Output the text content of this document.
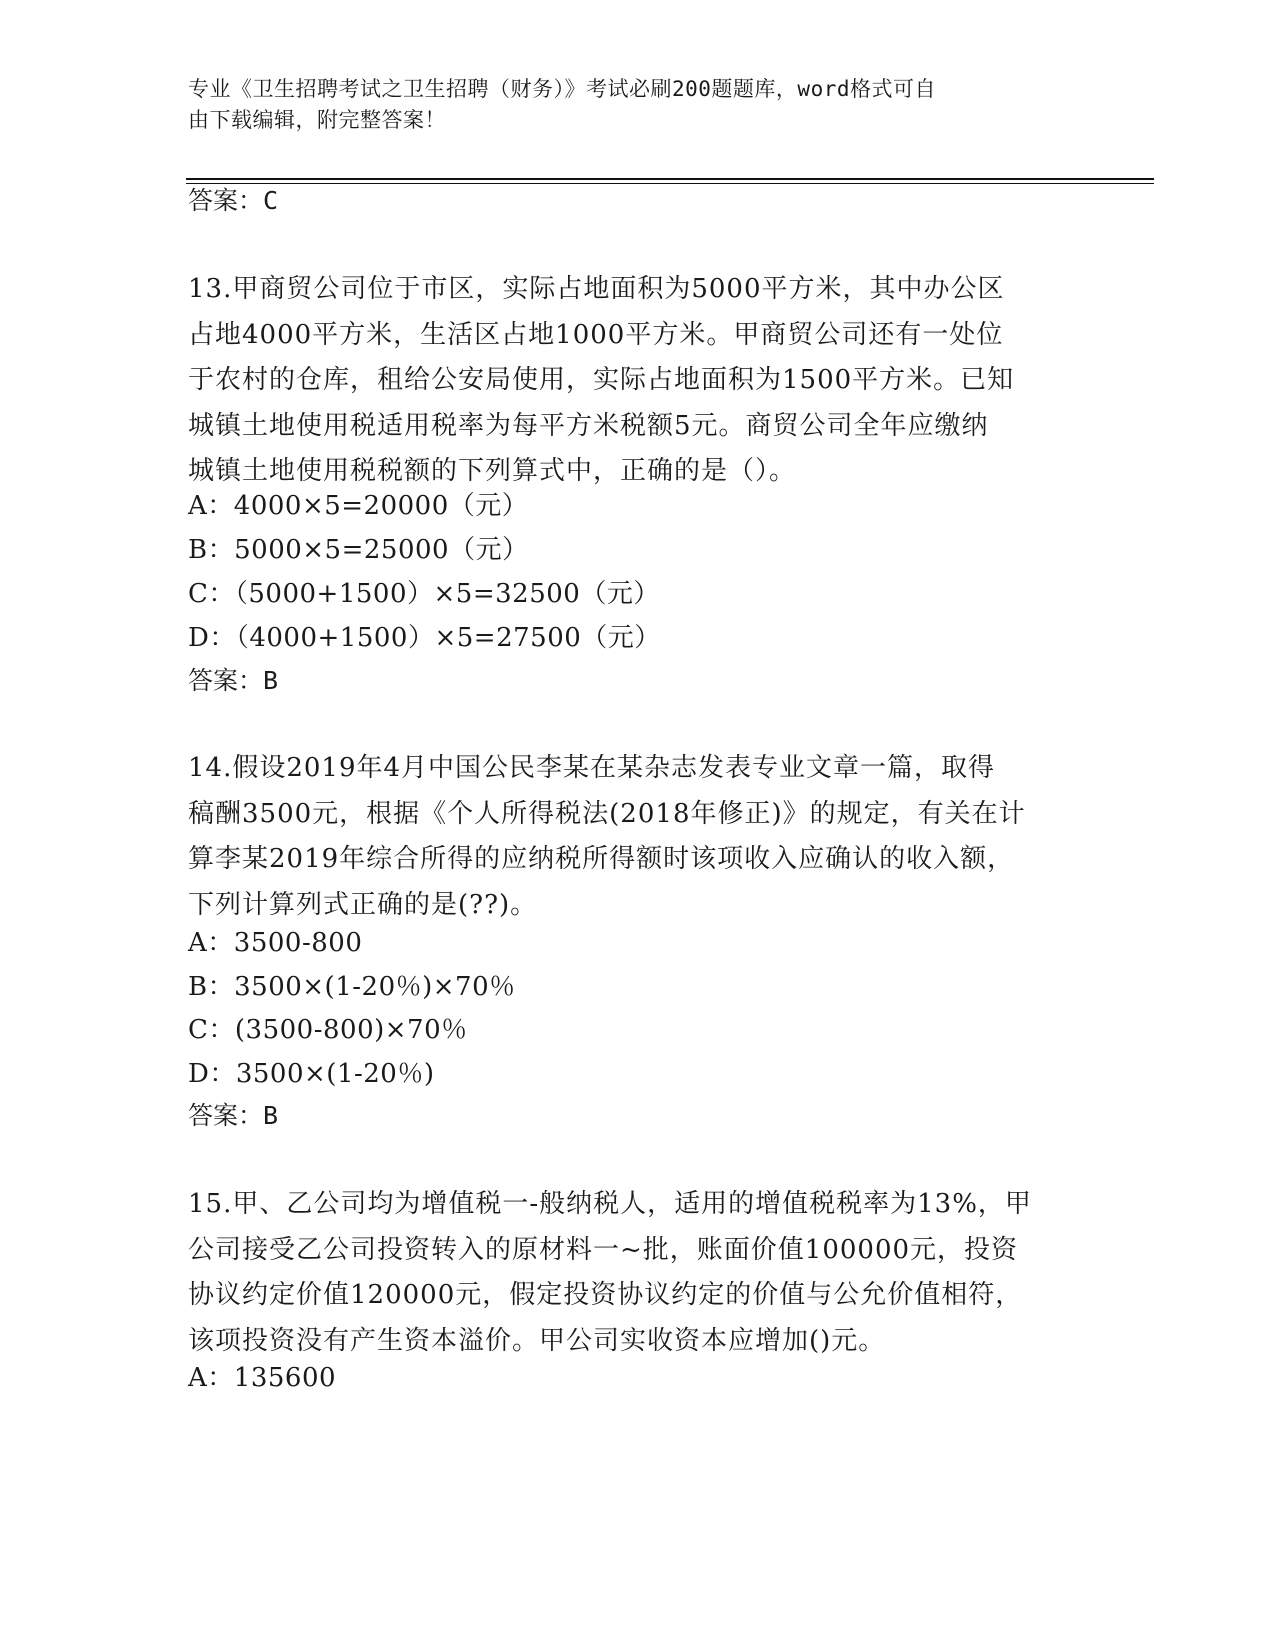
专业《卫生招聘考试之卫生招聘（财务）》考试必刷200题题库，word格式可自
由下载编辑，附完整答案！
答案：C
13.甲商贸公司位于市区，实际占地面积为5000平方米，其中办公区
占地4000平方米，生活区占地1000平方米。甲商贸公司还有一处位
于农村的仓库，租给公安局使用，实际占地面积为1500平方米。已知
城镇土地使用税适用税率为每平方米税额5元。商贸公司全年应缴纳
城镇土地使用税税额的下列算式中，正确的是（）。
A：4000×5=20000（元）
B：5000×5=25000（元）
C：（5000+1500）×5=32500（元）
D：（4000+1500）×5=27500（元）
答案：B
14.假设2019年4月中国公民李某在某杂志发表专业文章一篇，取得
稿酬3500元，根据《个人所得税法(2018年修正)》的规定，有关在计
算李某2019年综合所得的应纳税所得额时该项收入应确认的收入额，
下列计算列式正确的是(??)。
A：3500-800
B：3500×(1-20％)×70％
C：(3500-800)×70％
D：3500×(1-20％)
答案：B
15.甲、乙公司均为增值税一-般纳税人，适用的增值税税率为13%，甲
公司接受乙公司投资转入的原材料一~批，账面价值100000元，投资
协议约定价值120000元，假定投资协议约定的价值与公允价值相符，
该项投资没有产生资本溢价。甲公司实收资本应增加()元。
A：135600
